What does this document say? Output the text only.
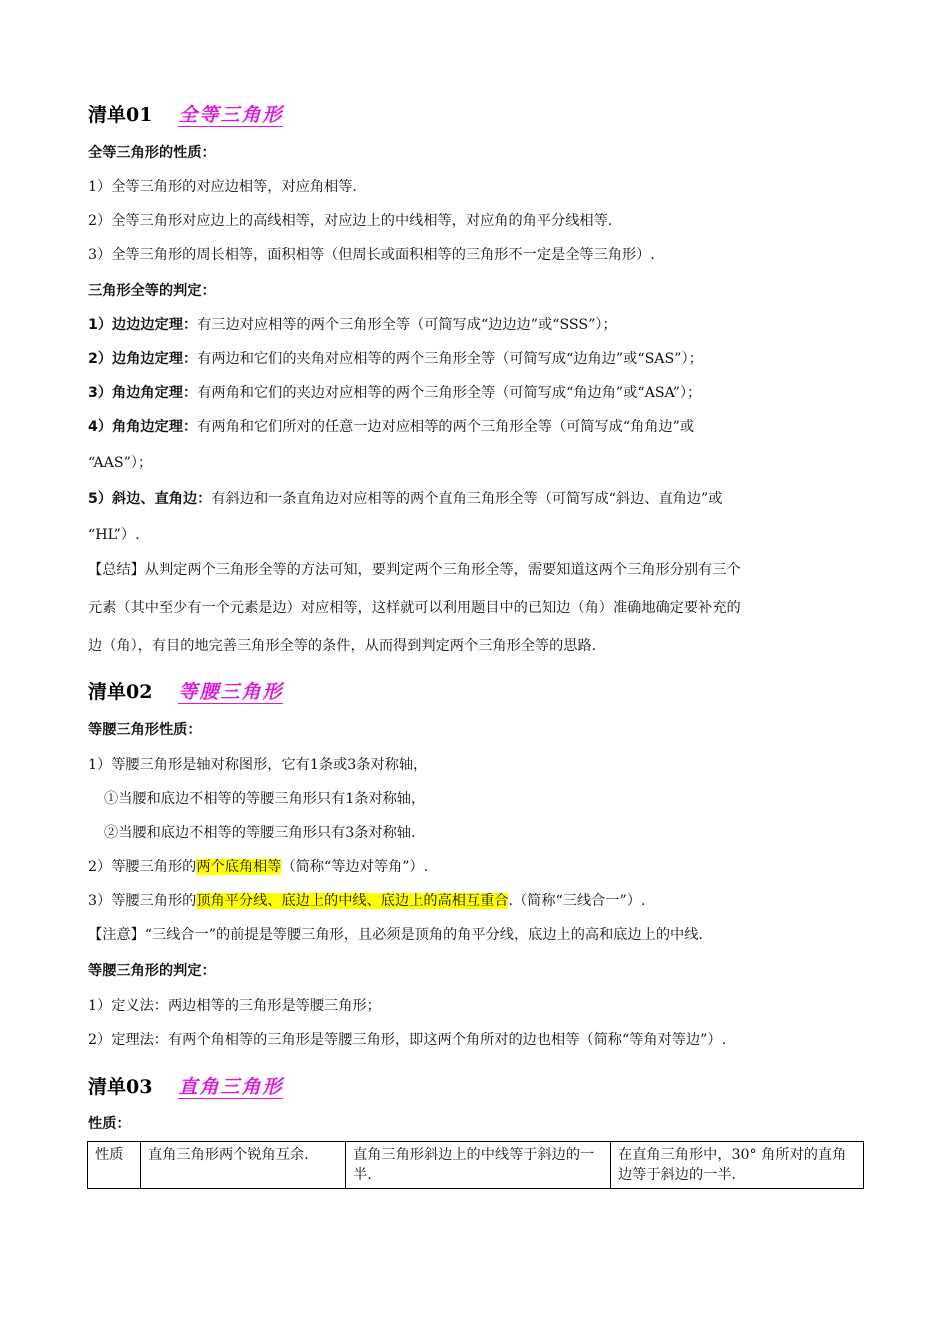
清单01 全等三角形
全等三角形的性质：
1）全等三角形的对应边相等，对应角相等.
2）全等三角形对应边上的高线相等，对应边上的中线相等，对应角的角平分线相等.
3）全等三角形的周长相等，面积相等（但周长或面积相等的三角形不一定是全等三角形）.
三角形全等的判定：
1）边边边定理：有三边对应相等的两个三角形全等（可简写成“边边边”或“SSS”）；
2）边角边定理：有两边和它们的夹角对应相等的两个三角形全等（可简写成“边角边”或“SAS”）；
3）角边角定理：有两角和它们的夹边对应相等的两个三角形全等（可简写成“角边角”或“ASA”）；
4）角角边定理：有两角和它们所对的任意一边对应相等的两个三角形全等（可简写成“角角边”或
“AAS”）；
5）斜边、直角边：有斜边和一条直角边对应相等的两个直角三角形全等（可简写成“斜边、直角边”或
“HL”）.
【总结】从判定两个三角形全等的方法可知，要判定两个三角形全等，需要知道这两个三角形分别有三个
元素（其中至少有一个元素是边）对应相等，这样就可以利用题目中的已知边（角）准确地确定要补充的
边（角），有目的地完善三角形全等的条件，从而得到判定两个三角形全等的思路.
清单02 等腰三角形
等腰三角形性质：
1）等腰三角形是轴对称图形，它有1条或3条对称轴，
①当腰和底边不相等的等腰三角形只有1条对称轴，
②当腰和底边不相等的等腰三角形只有3条对称轴.
2）等腰三角形的两个底角相等（简称“等边对等角”）.
3）等腰三角形的顶角平分线、底边上的中线、底边上的高相互重合.（简称“三线合一”）.
【注意】“三线合一”的前提是等腰三角形，且必须是顶角的角平分线，底边上的高和底边上的中线.
等腰三角形的判定：
1）定义法：两边相等的三角形是等腰三角形；
2）定理法：有两个角相等的三角形是等腰三角形，即这两个角所对的边也相等（简称“等角对等边”）.
清单03 直角三角形
性质：
性质	直角三角形两个锐角互余.	直角三角形斜边上的中线等于斜边的一半.	在直角三角形中，30° 角所对的直角边等于斜边的一半.
